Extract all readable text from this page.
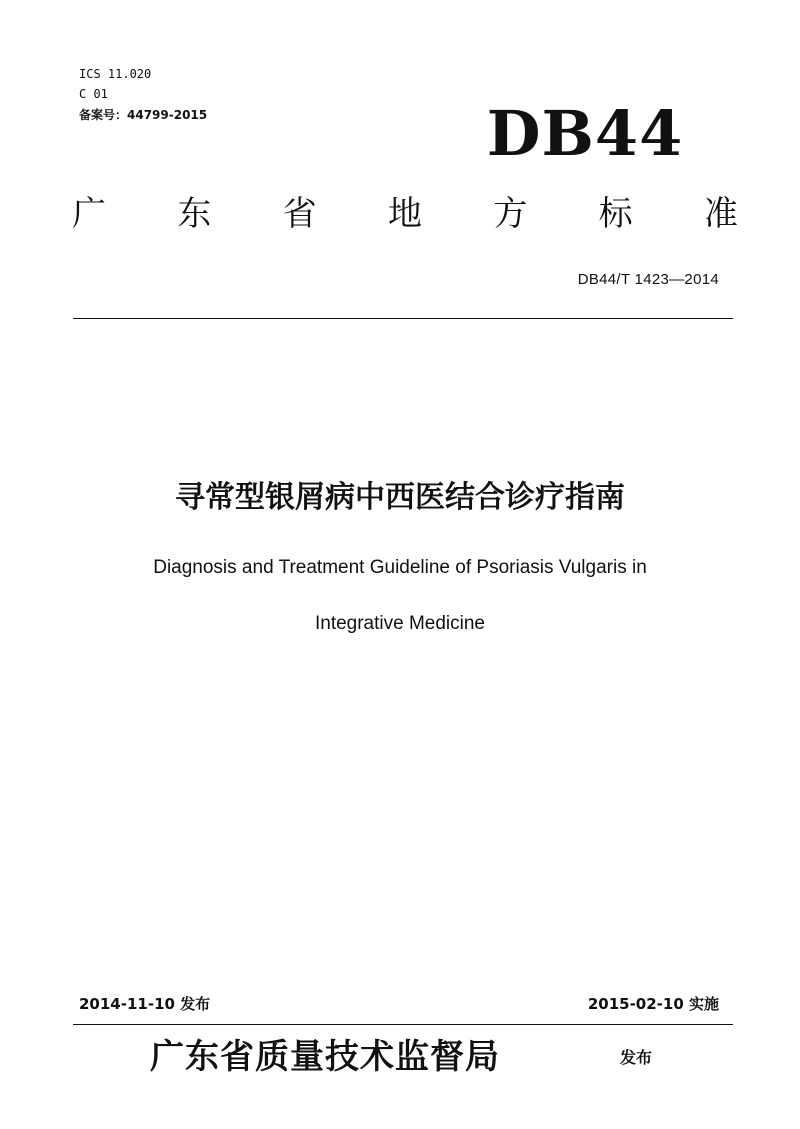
ICS 11.020
C 01
备案号：44799-2015	DB44
广	东	省	地	方	标	准
DB44/T 1423—2014
寻常型银屑病中西医结合诊疗指南
Diagnosis and Treatment Guideline of Psoriasis Vulgaris in
Integrative Medicine
2014-11-10 发布	2015-02-10 实施
广东省质量技术监督局	发布
